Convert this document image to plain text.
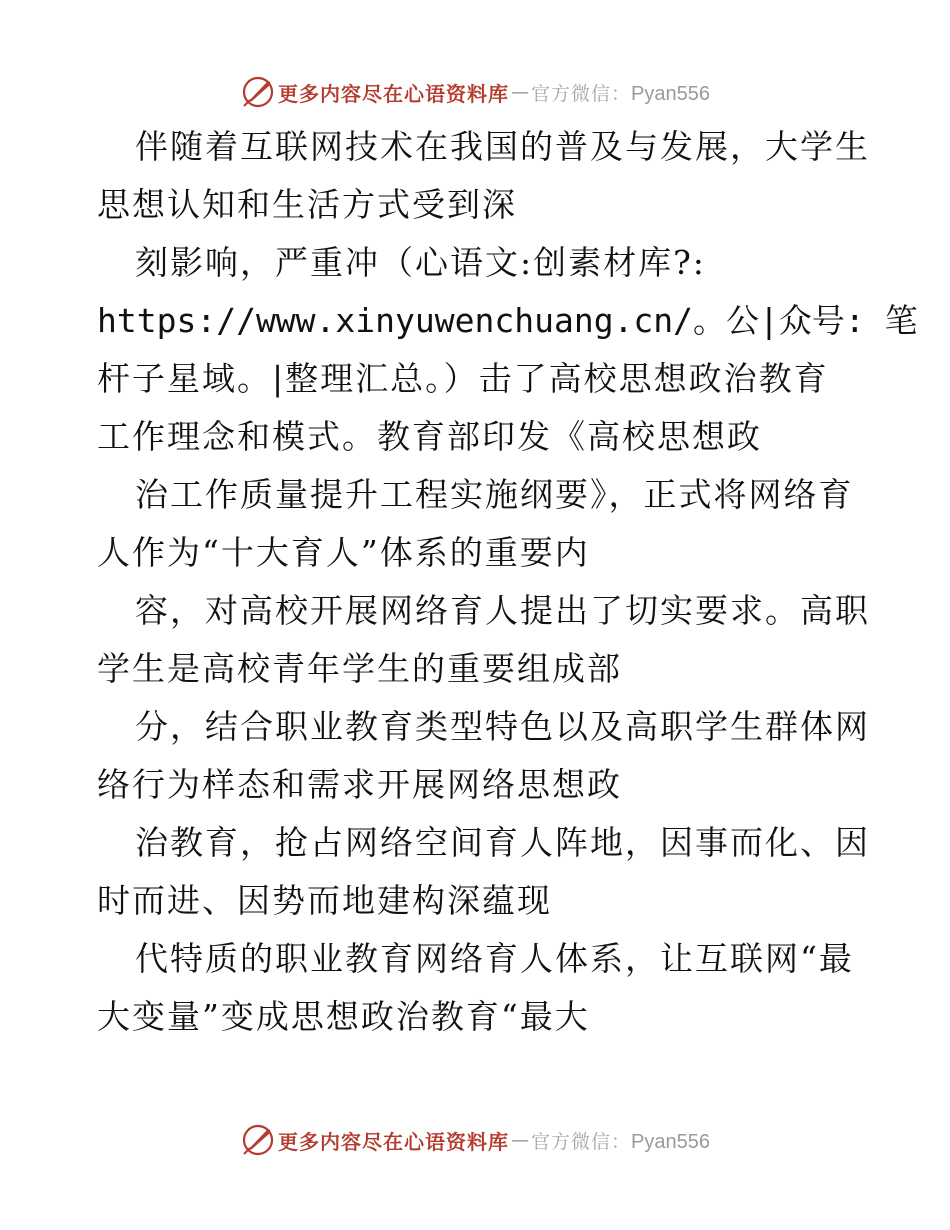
更多内容尽在心语资料库 — 官方微信：Pyan556
伴随着互联网技术在我国的普及与发展，大学生
思想认知和生活方式受到深
刻影响，严重冲（心语文:创素材库?:
https://www.xinyuwenchuang.cn/。公|众号: 笔
杆子星域。|整理汇总。）击了高校思想政治教育
工作理念和模式。教育部印发《高校思想政
治工作质量提升工程实施纲要》，正式将网络育
人作为“十大育人”体系的重要内
容，对高校开展网络育人提出了切实要求。高职
学生是高校青年学生的重要组成部
分，结合职业教育类型特色以及高职学生群体网
络行为样态和需求开展网络思想政
治教育，抢占网络空间育人阵地，因事而化、因
时而进、因势而地建构深蕴现
代特质的职业教育网络育人体系，让互联网“最
大变量”变成思想政治教育“最大
更多内容尽在心语资料库 — 官方微信：Pyan556
